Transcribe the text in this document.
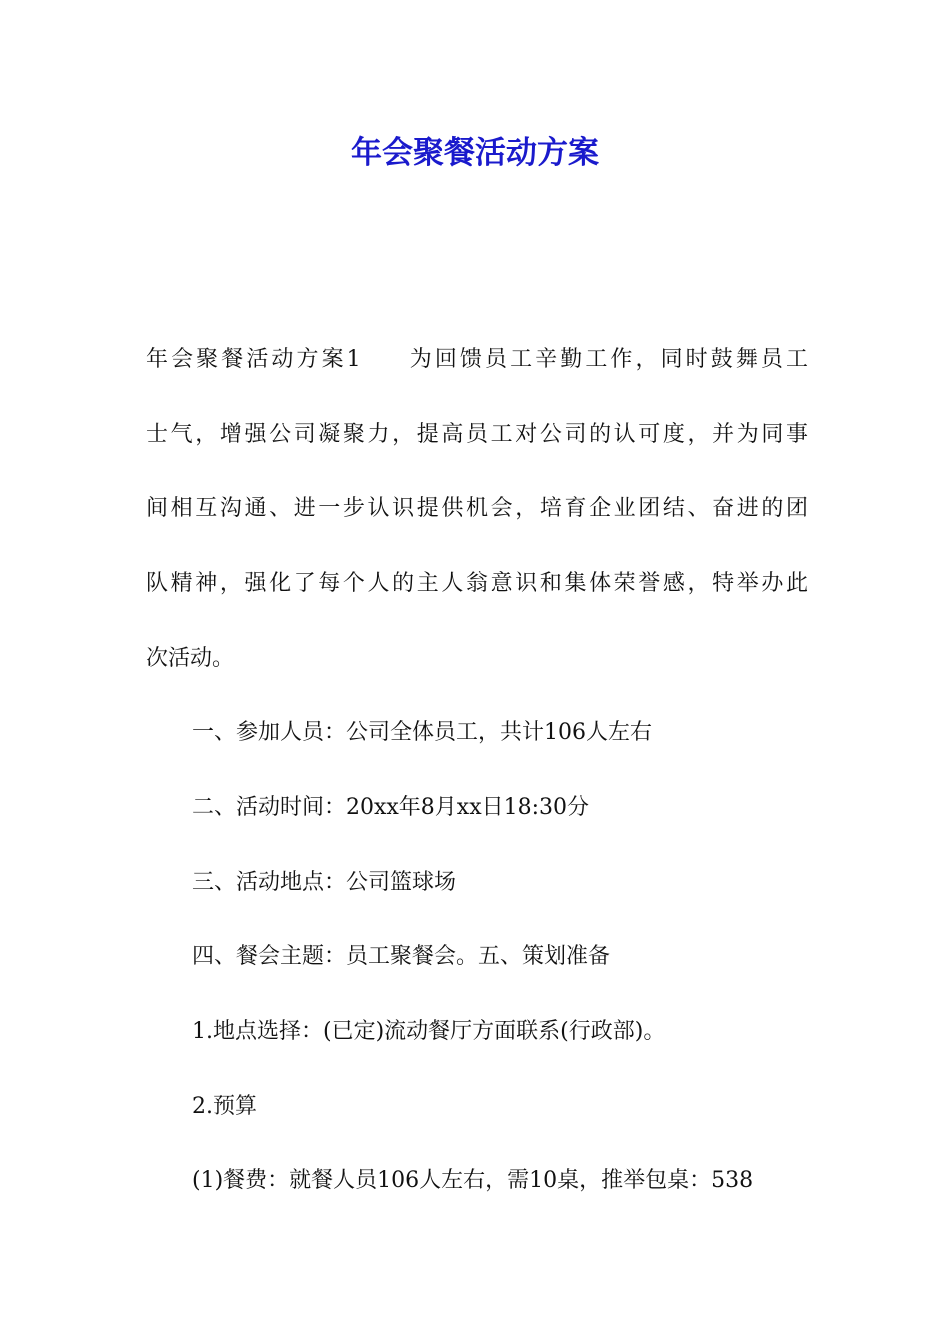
年会聚餐活动方案
年会聚餐活动方案1 为回馈员工辛勤工作，同时鼓舞员工
士气，增强公司凝聚力，提高员工对公司的认可度，并为同事
间相互沟通、进一步认识提供机会，培育企业团结、奋进的团
队精神，强化了每个人的主人翁意识和集体荣誉感，特举办此
次活动。
一、参加人员：公司全体员工，共计106人左右
二、活动时间：20xx年8月xx日18:30分
三、活动地点：公司篮球场
四、餐会主题：员工聚餐会。五、策划准备
1.地点选择：(已定)流动餐厅方面联系(行政部)。
2.预算
(1)餐费：就餐人员106人左右，需10桌，推举包桌：538
